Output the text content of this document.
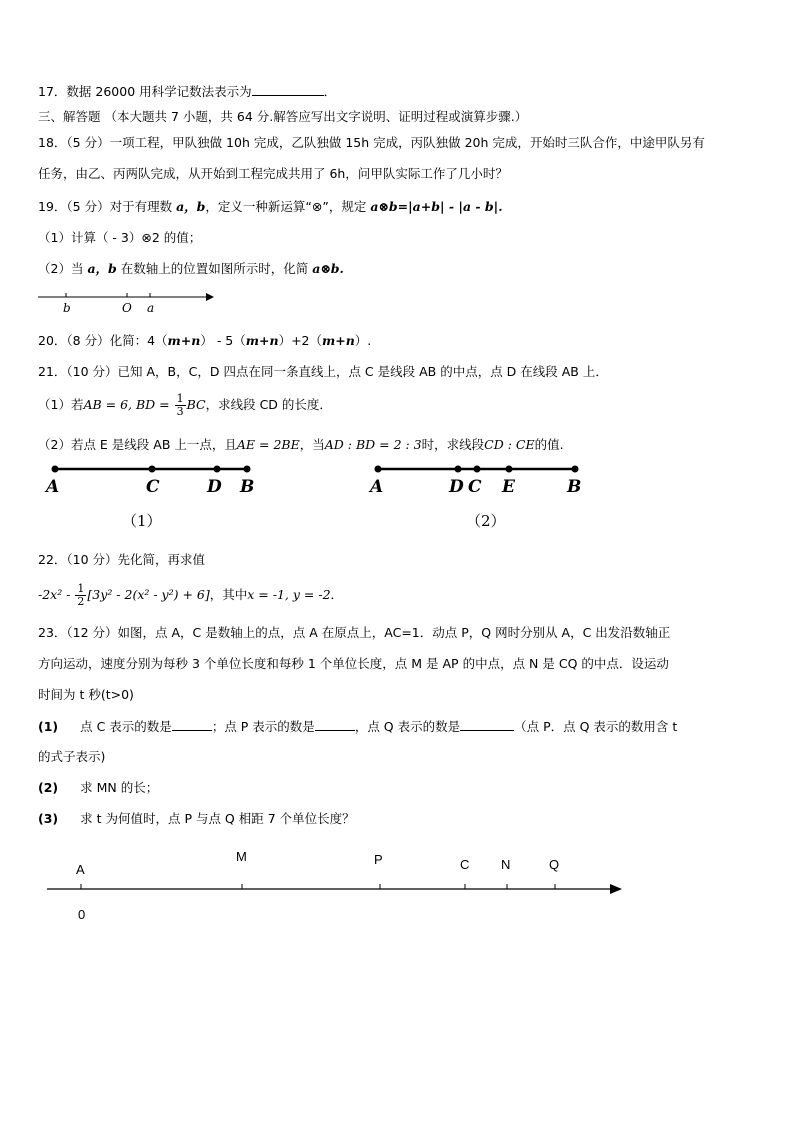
17．数据 26000 用科学记数法表示为	．
三、解答题 （本大题共 7 小题，共 64 分.解答应写出文字说明、证明过程或演算步骤.）
18．（5 分）一项工程，甲队独做 10h 完成，乙队独做 15h 完成，丙队独做 20h 完成，开始时三队合作，中途甲队另有
任务，由乙、丙两队完成，从开始到工程完成共用了 6h，问甲队实际工作了几小时？
19．（5 分）对于有理数 a，b，定义一种新运算“⊗”，规定 a⊗b=|a+b| - |a - b|.
（1）计算（ - 3）⊗2 的值；
（2）当 a，b 在数轴上的位置如图所示时，化简 a⊗b.
b	O a
A	C	D B
（1）
A	D C E	B
（2）
A
M	P	C N	Q
0
20．（8 分）化简：4（m+n） - 5（m+n）+2（m+n）.
21．（10 分）已知 A，B，C，D 四点在同一条直线上，点 C 是线段 AB 的中点，点 D 在线段 AB 上．
（1）若AB = 6, BD = $\frac{1}{3}$ BC，求线段 CD 的长度．
（2）若点 E 是线段 AB 上一点，且AE = 2BE，当AD : BD = 2 : 3时，求线段CD : CE的值.
22．（10 分）先化简，再求值
$-2x^2 - \frac{1}{2} [3y^2 - 2(x^2 - y^2) + 6]$，其中x = -1, y = -2．
23．（12 分）如图，点 A，C 是数轴上的点，点 A 在原点上，AC=1．动点 P，Q 网时分别从 A，C 出发沿数轴正
方向运动，速度分别为每秒 3 个单位长度和每秒 1 个单位长度，点 M 是 AP 的中点，点 N 是 CQ 的中点．设运动
时间为 t 秒(t>0)
(1) 点 C 表示的数是	；点 P 表示的数是	，点 Q 表示的数是	（点 P．点 Q 表示的数用含 t
的式子表示)
(2) 求 MN 的长；
(3) 求 t 为何值时，点 P 与点 Q 相距 7 个单位长度？
